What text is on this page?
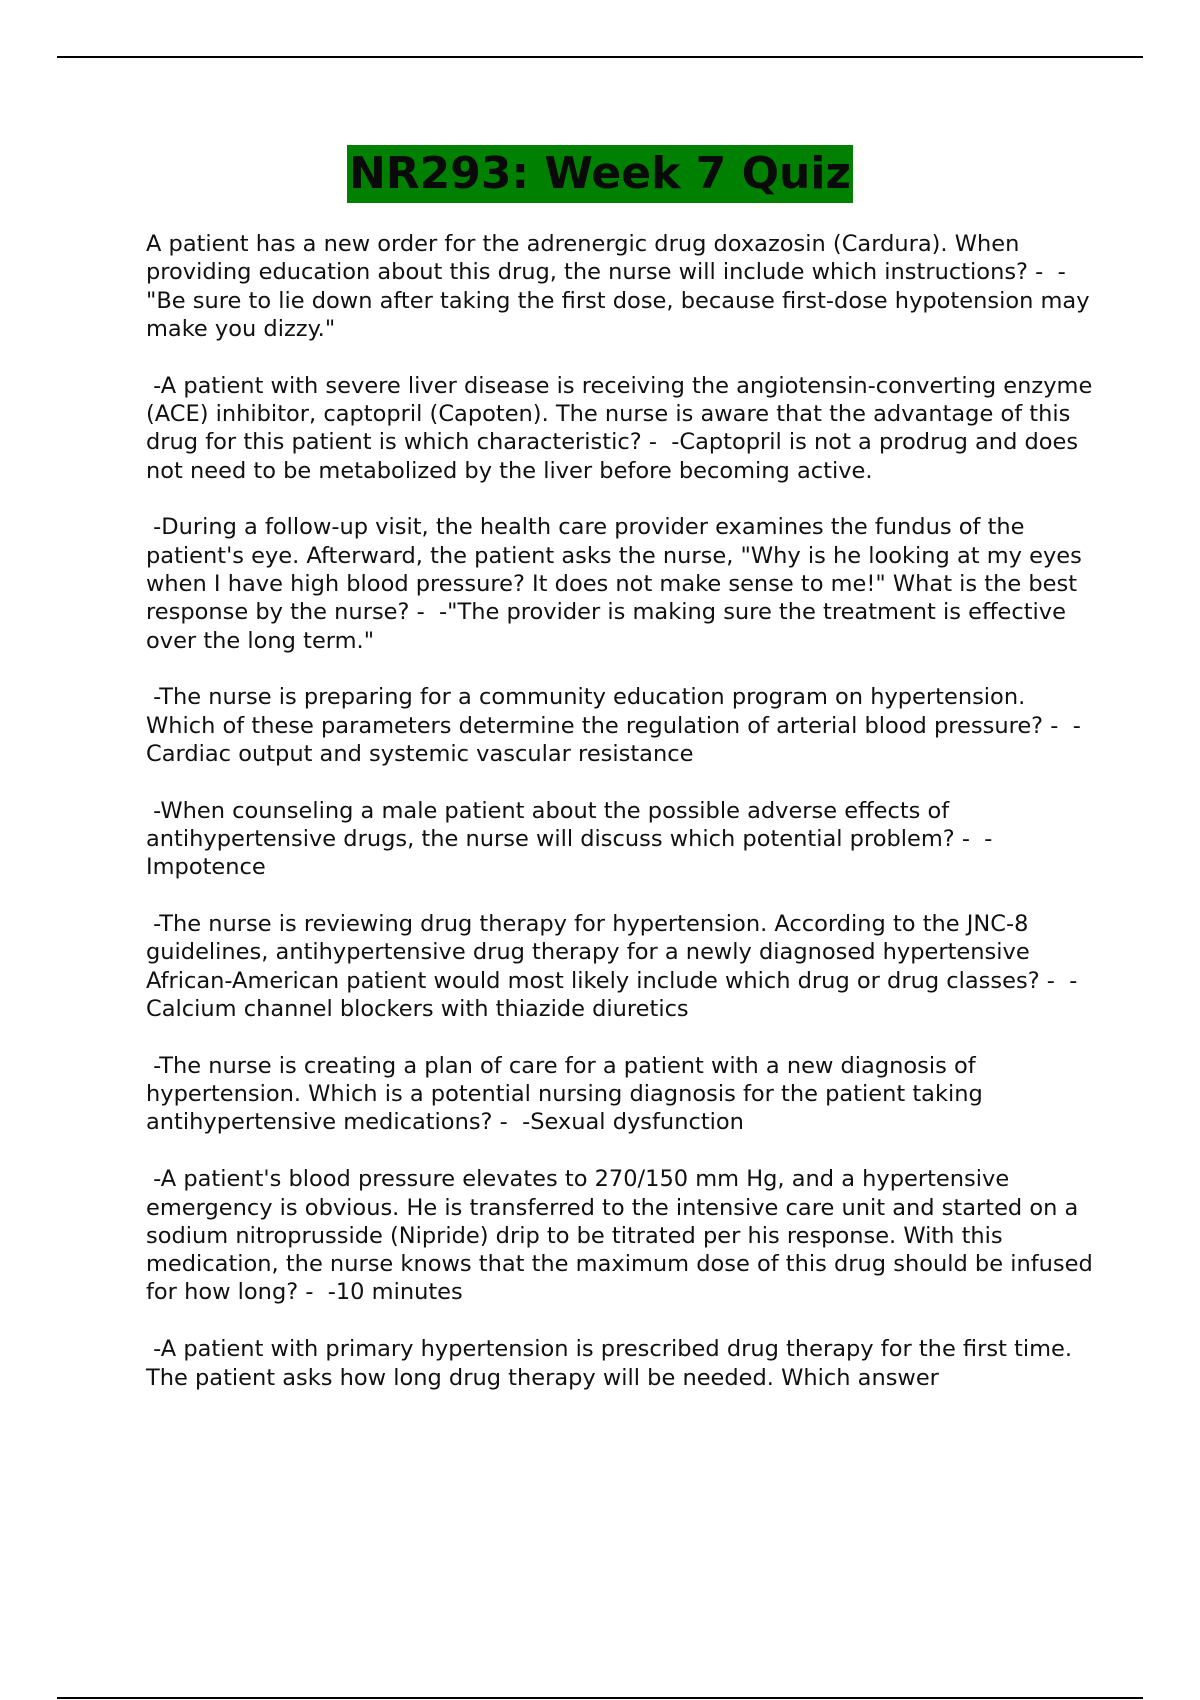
NR293: Week 7 Quiz

A patient has a new order for the adrenergic drug doxazosin (Cardura). When providing education about this drug, the nurse will include which instructions? -  -"Be sure to lie down after taking the first dose, because first-dose hypotension may make you dizzy."

-A patient with severe liver disease is receiving the angiotensin-converting enzyme (ACE) inhibitor, captopril (Capoten). The nurse is aware that the advantage of this drug for this patient is which characteristic? -  -Captopril is not a prodrug and does not need to be metabolized by the liver before becoming active.

-During a follow-up visit, the health care provider examines the fundus of the patient's eye. Afterward, the patient asks the nurse, "Why is he looking at my eyes when I have high blood pressure? It does not make sense to me!" What is the best response by the nurse? -  -"The provider is making sure the treatment is effective over the long term."

-The nurse is preparing for a community education program on hypertension. Which of these parameters determine the regulation of arterial blood pressure? -  -Cardiac output and systemic vascular resistance

-When counseling a male patient about the possible adverse effects of antihypertensive drugs, the nurse will discuss which potential problem? -  -Impotence

-The nurse is reviewing drug therapy for hypertension. According to the JNC-8 guidelines, antihypertensive drug therapy for a newly diagnosed hypertensive African-American patient would most likely include which drug or drug classes? -  -Calcium channel blockers with thiazide diuretics

-The nurse is creating a plan of care for a patient with a new diagnosis of hypertension. Which is a potential nursing diagnosis for the patient taking antihypertensive medications? -  -Sexual dysfunction

-A patient's blood pressure elevates to 270/150 mm Hg, and a hypertensive emergency is obvious. He is transferred to the intensive care unit and started on a sodium nitroprusside (Nipride) drip to be titrated per his response. With this medication, the nurse knows that the maximum dose of this drug should be infused for how long? -  -10 minutes

-A patient with primary hypertension is prescribed drug therapy for the first time. The patient asks how long drug therapy will be needed. Which answer
